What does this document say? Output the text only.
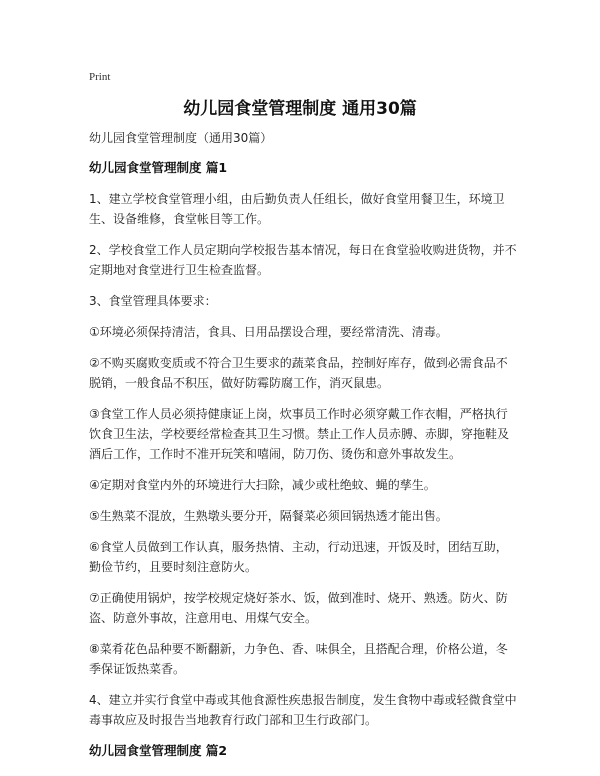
Print
幼儿园食堂管理制度 通用30篇

幼儿园食堂管理制度（通用30篇）

幼儿园食堂管理制度 篇1

1、建立学校食堂管理小组，由后勤负责人任组长，做好食堂用餐卫生，环境卫生、设备维修，食堂帐目等工作。

2、学校食堂工作人员定期向学校报告基本情况，每日在食堂验收购进货物，并不定期地对食堂进行卫生检查监督。

3、食堂管理具体要求：

①环境必须保持清洁，食具、日用品摆设合理，要经常清洗、清毒。

②不购买腐败变质或不符合卫生要求的蔬菜食品，控制好库存，做到必需食品不脱销，一般食品不积压，做好防霉防腐工作，消灭鼠患。

③食堂工作人员必须持健康证上岗，炊事员工作时必须穿戴工作衣帽，严格执行饮食卫生法，学校要经常检查其卫生习惯。禁止工作人员赤膊、赤脚，穿拖鞋及酒后工作，工作时不准开玩笑和嘻闹，防刀伤、烫伤和意外事故发生。

④定期对食堂内外的环境进行大扫除，减少或杜绝蚊、蝇的孳生。

⑤生熟菜不混放，生熟墩头要分开，隔餐菜必须回锅热透才能出售。

⑥食堂人员做到工作认真，服务热情、主动，行动迅速，开饭及时，团结互助，勤俭节约，且要时刻注意防火。

⑦正确使用锅炉，按学校规定烧好茶水、饭，做到准时、烧开、熟透。防火、防盗、防意外事故，注意用电、用煤气安全。

⑧菜肴花色品种要不断翻新，力争色、香、味俱全，且搭配合理，价格公道，冬季保证饭热菜香。

4、建立并实行食堂中毒或其他食源性疾患报告制度，发生食物中毒或轻微食堂中毒事故应及时报告当地教育行政门部和卫生行政部门。

幼儿园食堂管理制度 篇2
